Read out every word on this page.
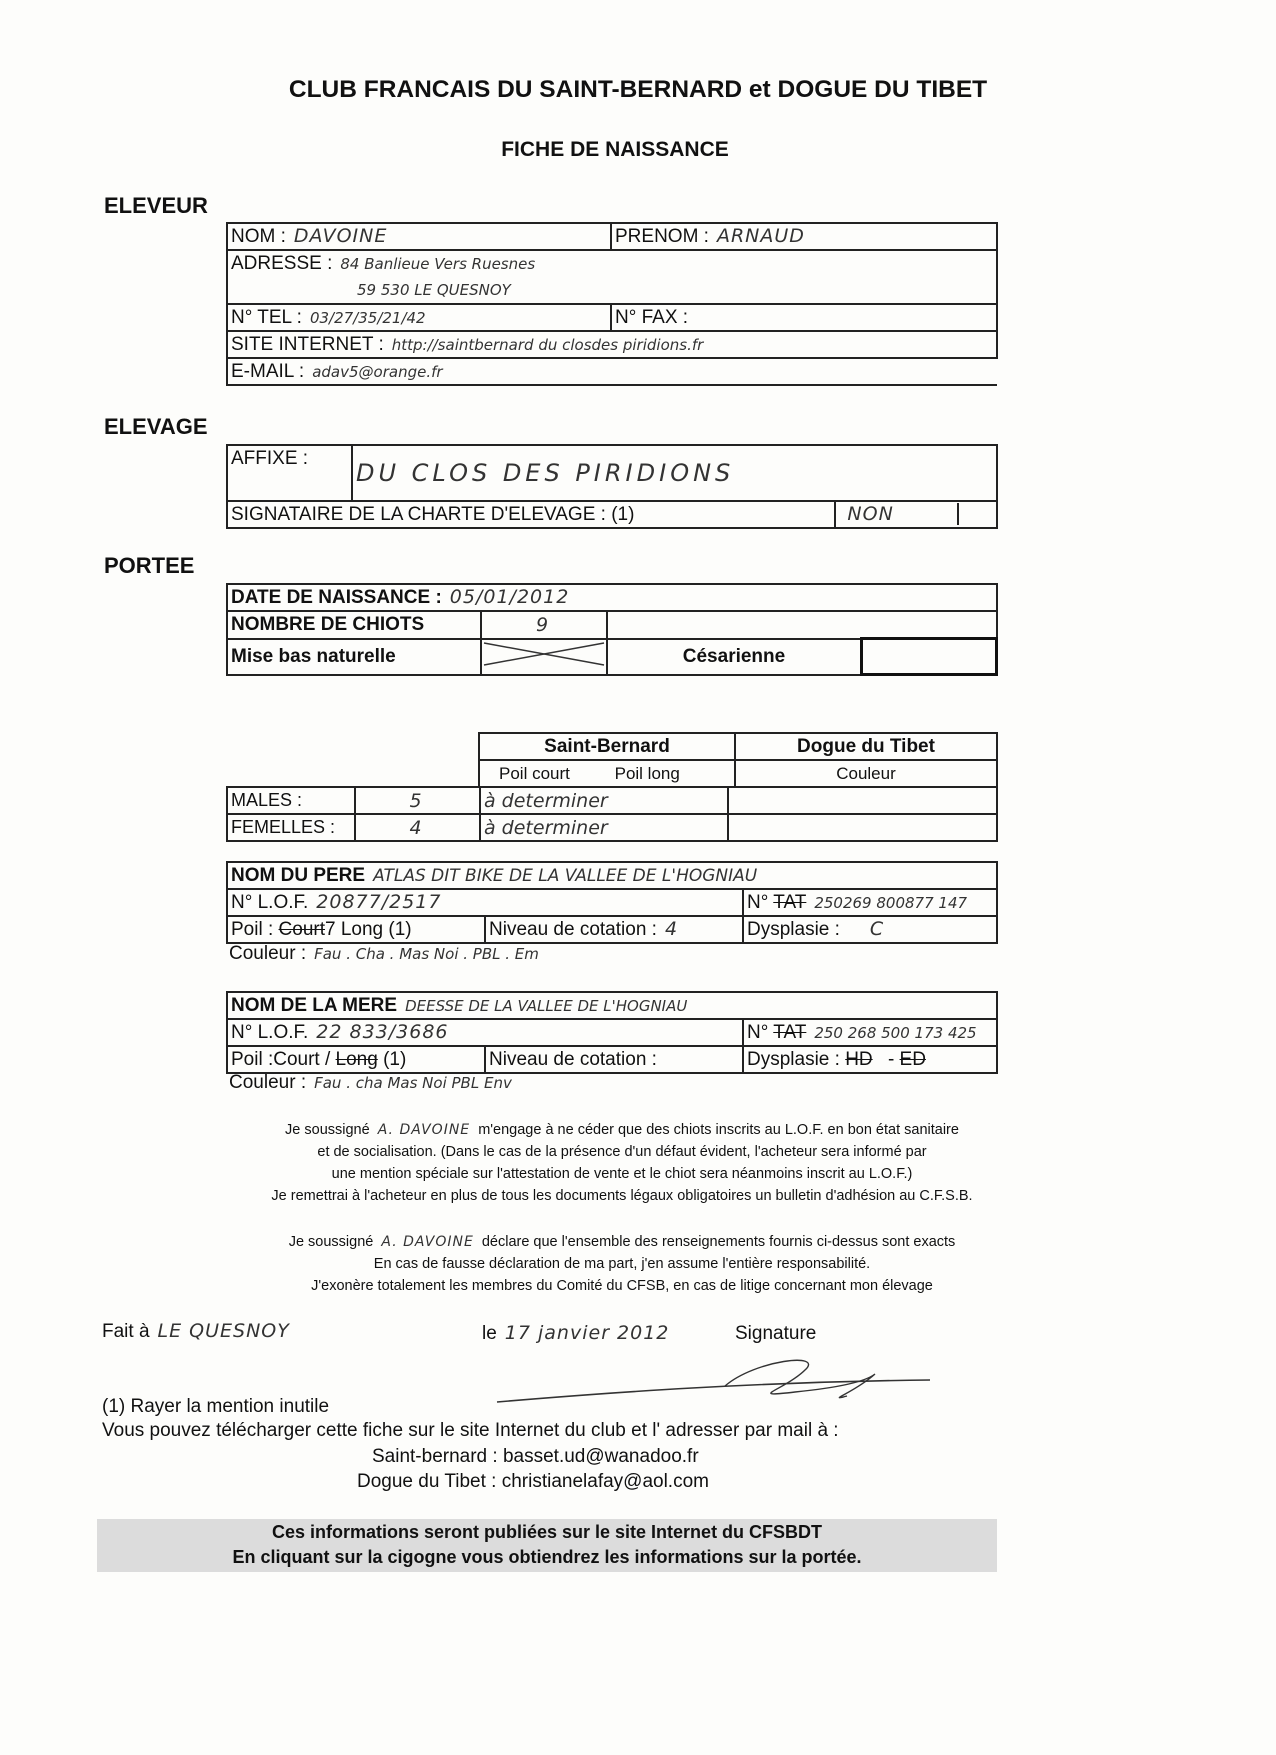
CLUB FRANCAIS DU SAINT-BERNARD et DOGUE DU TIBET
FICHE DE NAISSANCE
ELEVEUR
NOM : DAVOINE	PRENOM : ARNAUD
ADRESSE : 84 Banlieue Vers Ruesnes
59 530 LE QUESNOY	
N° TEL : 03/27/35/21/42	N° FAX :
SITE INTERNET : http://saintbernard du closdes piridions.fr	
E-MAIL : adav5@orange.fr	
ELEVAGE
AFFIXE :	DU CLOS DES PIRIDIONS	
SIGNATAIRE DE LA CHARTE D'ELEVAGE : (1)		NON
PORTEE
DATE DE NAISSANCE : 05/01/2012			
NOMBRE DE CHIOTS	9		
Mise bas naturelle		Césarienne	
Saint-Bernard	Dogue du Tibet
Poil court Poil long	Couleur
MALES :	5	à determiner	
FEMELLES :	4	à determiner	
NOM DU PERE ATLAS DIT BIKE DE LA VALLEE DE L'HOGNIAU		
N° L.O.F. 20877/2517		N° TAT 250269 800877 147
Poil : Court7 Long (1)	Niveau de cotation : 4	Dysplasie : C
Couleur : Fau . Cha . Mas Noi . PBL . Em
NOM DE LA MERE DEESSE DE LA VALLEE DE L'HOGNIAU		
N° L.O.F. 22 833/3686		N° TAT 250 268 500 173 425
Poil :Court / Long (1)	Niveau de cotation :	Dysplasie : HD - ED
Couleur : Fau . cha Mas Noi PBL Env
Je soussigné A. DAVOINE m'engage à ne céder que des chiots inscrits au L.O.F. en bon état sanitaire
et de socialisation. (Dans le cas de la présence d'un défaut évident, l'acheteur sera informé par
une mention spéciale sur l'attestation de vente et le chiot sera néanmoins inscrit au L.O.F.)
Je remettrai à l'acheteur en plus de tous les documents légaux obligatoires un bulletin d'adhésion au C.F.S.B.
Je soussigné A. DAVOINE déclare que l'ensemble des renseignements fournis ci-dessus sont exacts
En cas de fausse déclaration de ma part, j'en assume l'entière responsabilité.
J'exonère totalement les membres du Comité du CFSB, en cas de litige concernant mon élevage
Fait à LE QUESNOY	le 17 janvier 2012	Signature
(1) Rayer la mention inutile
Vous pouvez télécharger cette fiche sur le site Internet du club et l' adresser par mail à :
Saint-bernard : basset.ud@wanadoo.fr
Dogue du Tibet : christianelafay@aol.com
Ces informations seront publiées sur le site Internet du CFSBDT
En cliquant sur la cigogne vous obtiendrez les informations sur la portée.
